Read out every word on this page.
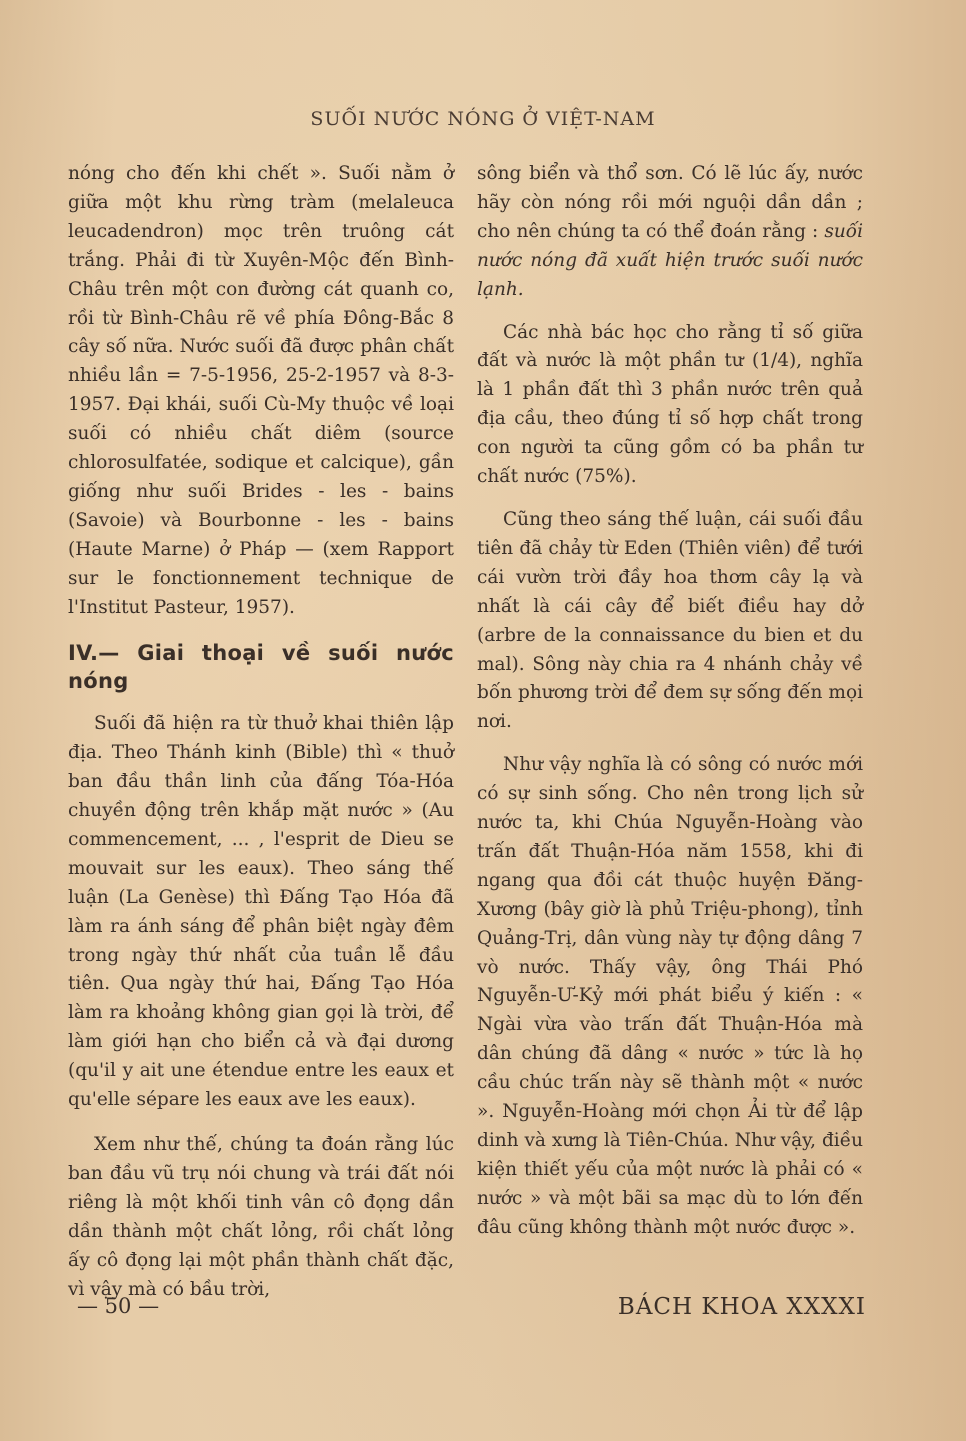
SUỐI NƯỚC NÓNG Ở VIỆT-NAM

nóng cho đến khi chết ». Suối nằm ở giữa một khu rừng tràm (melaleuca leucadendron) mọc trên truông cát trắng. Phải đi từ Xuyên-Mộc đến Bình-Châu trên một con đường cát quanh co, rồi từ Bình-Châu rẽ về phía Đông-Bắc 8 cây số nữa. Nước suối đã được phân chất nhiều lần = 7-5-1956, 25-2-1957 và 8-3-1957. Đại khái, suối Cù-My thuộc về loại suối có nhiều chất diêm (source chlorosulfatée, sodique et calcique), gần giống như suối Brides - les - bains (Savoie) và Bourbonne - les - bains (Haute Marne) ở Pháp — (xem Rapport sur le fonctionnement technique de l'Institut Pasteur, 1957).

IV.— Giai thoại về suối nước nóng

Suối đã hiện ra từ thuở khai thiên lập địa. Theo Thánh kinh (Bible) thì « thuở ban đầu thần linh của đấng Tóa-Hóa chuyền động trên khắp mặt nước » (Au commencement, ... , l'esprit de Dieu se mouvait sur les eaux). Theo sáng thế luận (La Genèse) thì Đấng Tạo Hóa đã làm ra ánh sáng để phân biệt ngày đêm trong ngày thứ nhất của tuần lễ đầu tiên. Qua ngày thứ hai, Đấng Tạo Hóa làm ra khoảng không gian gọi là trời, để làm giới hạn cho biển cả và đại dương (qu'il y ait une étendue entre les eaux et qu'elle sépare les eaux ave les eaux).

Xem như thế, chúng ta đoán rằng lúc ban đầu vũ trụ nói chung và trái đất nói riêng là một khối tinh vân cô đọng dần dần thành một chất lỏng, rồi chất lỏng ấy cô đọng lại một phần thành chất đặc, vì vậy mà có bầu trời,

sông biển và thổ sơn. Có lẽ lúc ấy, nước hãy còn nóng rồi mới nguội dần dần ; cho nên chúng ta có thể đoán rằng : suối nước nóng đã xuất hiện trước suối nước lạnh.

Các nhà bác học cho rằng tỉ số giữa đất và nước là một phần tư (1/4), nghĩa là 1 phần đất thì 3 phần nước trên quả địa cầu, theo đúng tỉ số hợp chất trong con người ta cũng gồm có ba phần tư chất nước (75%).

Cũng theo sáng thế luận, cái suối đầu tiên đã chảy từ Eden (Thiên viên) để tưới cái vườn trời đầy hoa thơm cây lạ và nhất là cái cây để biết điều hay dở (arbre de la connaissance du bien et du mal). Sông này chia ra 4 nhánh chảy về bốn phương trời để đem sự sống đến mọi nơi.

Như vậy nghĩa là có sông có nước mới có sự sinh sống. Cho nên trong lịch sử nước ta, khi Chúa Nguyễn-Hoàng vào trấn đất Thuận-Hóa năm 1558, khi đi ngang qua đồi cát thuộc huyện Đăng-Xương (bây giờ là phủ Triệu-phong), tỉnh Quảng-Trị, dân vùng này tự động dâng 7 vò nước. Thấy vậy, ông Thái Phó Nguyễn-Ư-Kỷ mới phát biểu ý kiến : « Ngài vừa vào trấn đất Thuận-Hóa mà dân chúng đã dâng « nước » tức là họ cầu chúc trấn này sẽ thành một « nước ». Nguyễn-Hoàng mới chọn Ải từ để lập dinh và xưng là Tiên-Chúa. Như vậy, điều kiện thiết yếu của một nước là phải có « nước » và một bãi sa mạc dù to lớn đến đâu cũng không thành một nước được ».

— 50 —	BÁCH KHOA XXXXI
